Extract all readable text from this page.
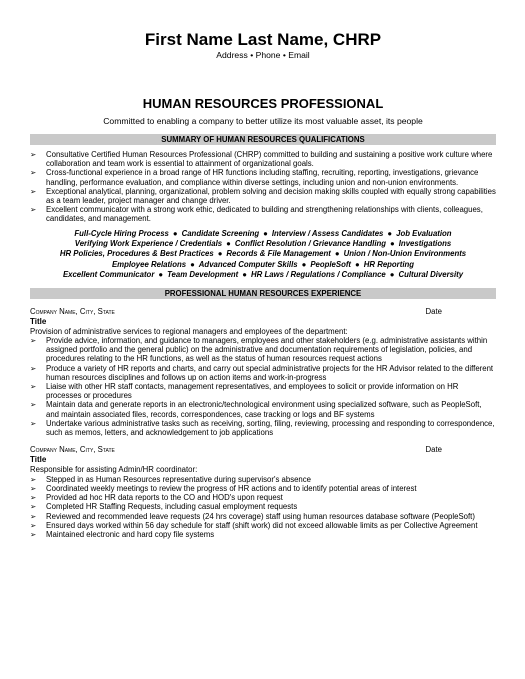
First Name Last Name, CHRP
Address • Phone • Email
HUMAN RESOURCES PROFESSIONAL
Committed to enabling a company to better utilize its most valuable asset, its people
SUMMARY OF HUMAN RESOURCES QUALIFICATIONS
➢ Consultative Certified Human Resources Professional (CHRP) committed to building and sustaining a positive work culture where collaboration and team work is essential to attainment of organizational goals.
➢ Cross-functional experience in a broad range of HR functions including staffing, recruiting, reporting, investigations, grievance handling, performance evaluation, and compliance within diverse settings, including union and non-union environments.
➢ Exceptional analytical, planning, organizational, problem solving and decision making skills coupled with equally strong capabilities as a team leader, project manager and change driver.
➢ Excellent communicator with a strong work ethic, dedicated to building and strengthening relationships with clients, colleagues, candidates, and management.
Full-Cycle Hiring Process ● Candidate Screening ● Interview / Assess Candidates ● Job Evaluation
Verifying Work Experience / Credentials ● Conflict Resolution / Grievance Handling ● Investigations
HR Policies, Procedures & Best Practices ● Records & File Management ● Union / Non-Union Environments
Employee Relations ● Advanced Computer Skills ● PeopleSoft ● HR Reporting
Excellent Communicator ● Team Development ● HR Laws / Regulations / Compliance ● Cultural Diversity
PROFESSIONAL HUMAN RESOURCES EXPERIENCE
Company Name, City, State	Date
Title
Provision of administrative services to regional managers and employees of the department:
➢ Provide advice, information, and guidance to managers, employees and other stakeholders (e.g. administrative assistants within assigned portfolio and the general public) on the administrative and documentation requirements of legislation, policies, and procedures relating to the HR functions, as well as the status of human resources request actions
➢ Produce a variety of HR reports and charts, and carry out special administrative projects for the HR Advisor related to the different human resources disciplines and follows up on action items and work-in-progress
➢ Liaise with other HR staff contacts, management representatives, and employees to solicit or provide information on HR processes or procedures
➢ Maintain data and generate reports in an electronic/technological environment using specialized software, such as PeopleSoft, and maintain associated files, records, correspondences, case tracking or logs and BF systems
➢ Undertake various administrative tasks such as receiving, sorting, filing, reviewing, processing and responding to correspondence, such as memos, letters, and acknowledgement to job applications
Company Name, City, State	Date
Title
Responsible for assisting Admin/HR coordinator:
➢ Stepped in as Human Resources representative during supervisor's absence
➢ Coordinated weekly meetings to review the progress of HR actions and to identify potential areas of interest
➢ Provided ad hoc HR data reports to the CO and HOD's upon request
➢ Completed HR Staffing Requests, including casual employment requests
➢ Reviewed and recommended leave requests (24 hrs coverage) staff using human resources database software (PeopleSoft)
➢ Ensured days worked within 56 day schedule for staff (shift work) did not exceed allowable limits as per Collective Agreement
➢ Maintained electronic and hard copy file systems
